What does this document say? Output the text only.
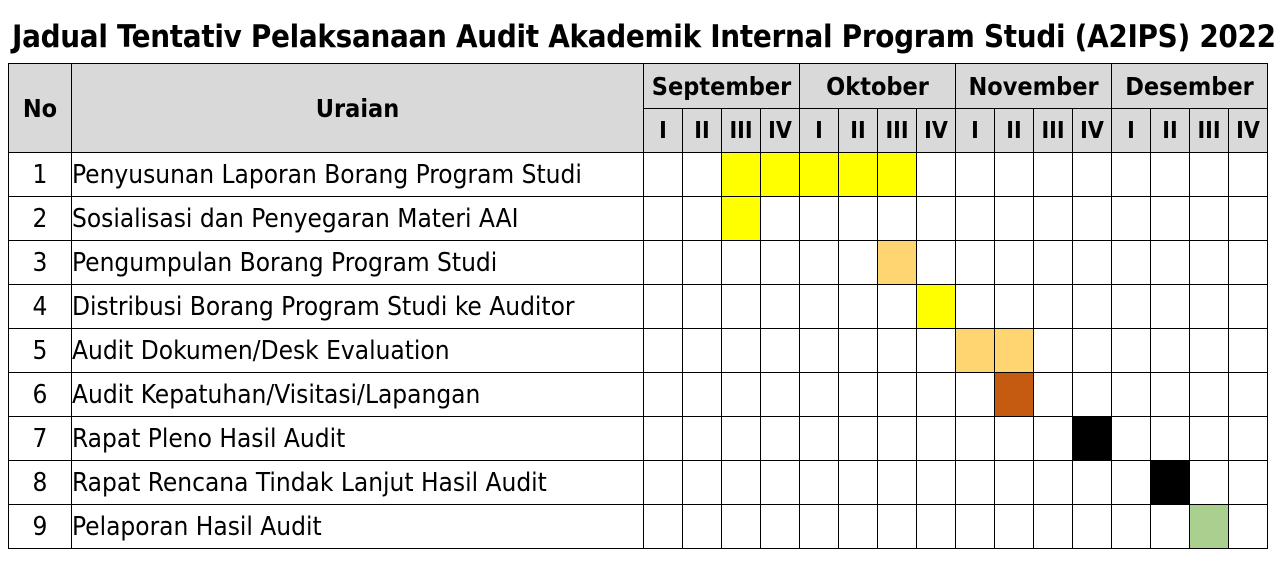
Jadual Tentativ Pelaksanaan Audit Akademik Internal Program Studi (A2IPS) 2022
No	Uraian	September				Oktober				November				Desember			
		I	II	III	IV	I	II	III	IV	I	II	III	IV	I	II	III	IV
1	Penyusunan Laporan Borang Program Studi																
2	Sosialisasi dan Penyegaran Materi AAI																
3	Pengumpulan Borang Program Studi																
4	Distribusi Borang Program Studi ke Auditor																
5	Audit Dokumen/Desk Evaluation																
6	Audit Kepatuhan/Visitasi/Lapangan																
7	Rapat Pleno Hasil Audit																
8	Rapat Rencana Tindak Lanjut Hasil Audit																
9	Pelaporan Hasil Audit																
